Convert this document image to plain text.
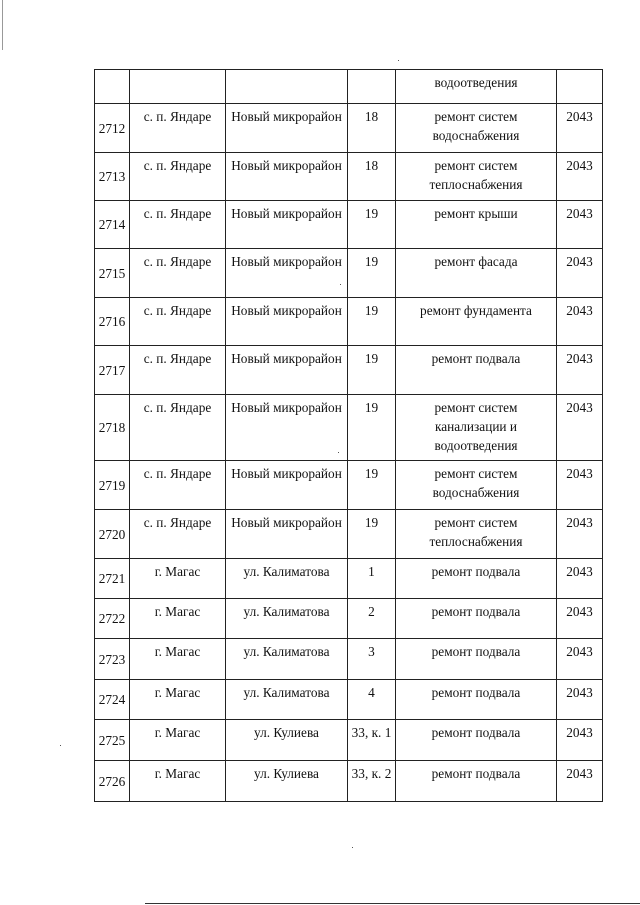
				водоотведения	
2712	с. п. Яндаре	Новый микрорайон	18	ремонт систем водоснабжения	2043
2713	с. п. Яндаре	Новый микрорайон	18	ремонт систем теплоснабжения	2043
2714	с. п. Яндаре	Новый микрорайон	19	ремонт крыши	2043
2715	с. п. Яндаре	Новый микрорайон	19	ремонт фасада	2043
2716	с. п. Яндаре	Новый микрорайон	19	ремонт фундамента	2043
2717	с. п. Яндаре	Новый микрорайон	19	ремонт подвала	2043
2718	с. п. Яндаре	Новый микрорайон	19	ремонт систем канализации и водоотведения	2043
2719	с. п. Яндаре	Новый микрорайон	19	ремонт систем водоснабжения	2043
2720	с. п. Яндаре	Новый микрорайон	19	ремонт систем теплоснабжения	2043
2721	г. Магас	ул. Калиматова	1	ремонт подвала	2043
2722	г. Магас	ул. Калиматова	2	ремонт подвала	2043
2723	г. Магас	ул. Калиматова	3	ремонт подвала	2043
2724	г. Магас	ул. Калиматова	4	ремонт подвала	2043
2725	г. Магас	ул. Кулиева	33, к. 1	ремонт подвала	2043
2726	г. Магас	ул. Кулиева	33, к. 2	ремонт подвала	2043
